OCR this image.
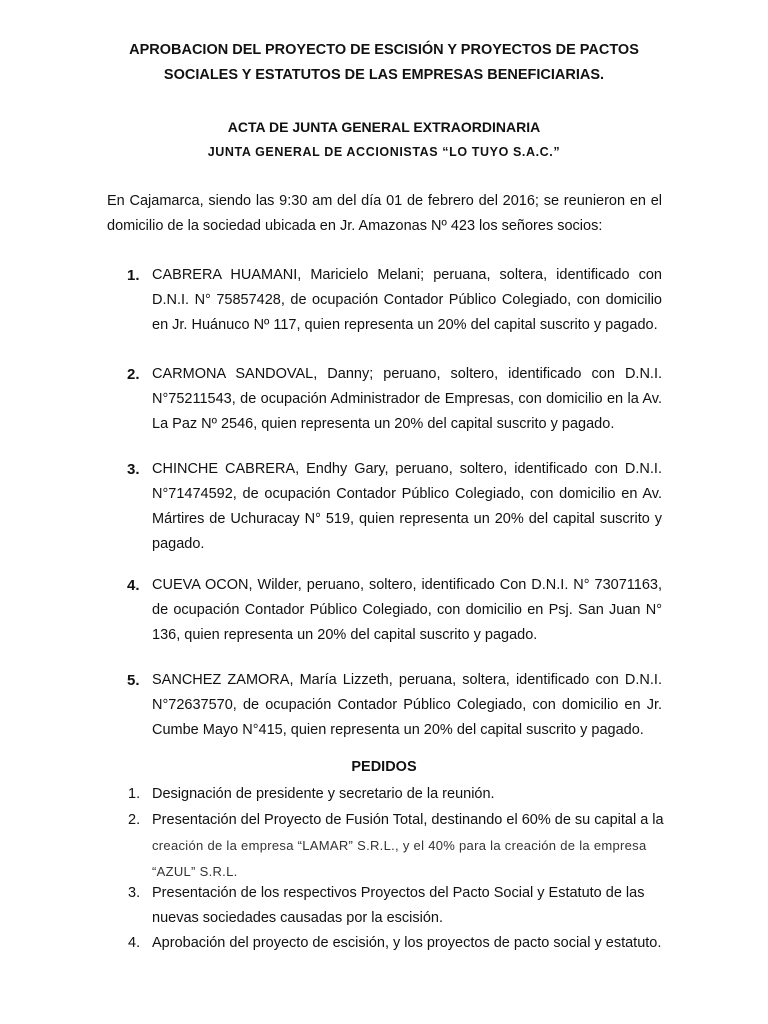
APROBACION DEL PROYECTO DE ESCISIÓN Y PROYECTOS DE PACTOS
SOCIALES Y ESTATUTOS DE LAS EMPRESAS BENEFICIARIAS.
ACTA DE JUNTA GENERAL EXTRAORDINARIA
JUNTA GENERAL DE ACCIONISTAS “LO TUYO S.A.C.”
En Cajamarca, siendo las 9:30 am del día 01 de febrero del 2016; se reunieron en el domicilio de la sociedad ubicada en Jr. Amazonas Nº 423 los señores socios:
1. CABRERA HUAMANI, Maricielo Melani; peruana, soltera, identificado con D.N.I. N° 75857428, de ocupación Contador Público Colegiado, con domicilio en Jr. Huánuco Nº 117, quien representa un 20% del capital suscrito y pagado.
2. CARMONA SANDOVAL, Danny; peruano, soltero, identificado con D.N.I. N°75211543, de ocupación Administrador de Empresas, con domicilio en la Av. La Paz Nº 2546, quien representa un 20% del capital suscrito y pagado.
3. CHINCHE CABRERA, Endhy Gary, peruano, soltero, identificado con D.N.I. N°71474592, de ocupación Contador Público Colegiado, con domicilio en Av. Mártires de Uchuracay N° 519, quien representa un 20% del capital suscrito y pagado.
4. CUEVA OCON, Wilder, peruano, soltero, identificado Con D.N.I. N° 73071163, de ocupación Contador Público Colegiado, con domicilio en Psj. San Juan N° 136, quien representa un 20% del capital suscrito y pagado.
5. SANCHEZ ZAMORA, María Lizzeth, peruana, soltera, identificado con D.N.I. N°72637570, de ocupación Contador Público Colegiado, con domicilio en Jr. Cumbe Mayo N°415, quien representa un 20% del capital suscrito y pagado.
PEDIDOS
1. Designación de presidente y secretario de la reunión.
2. Presentación del Proyecto de Fusión Total, destinando el 60% de su capital a la
creación de la empresa “LAMAR” S.R.L., y el 40% para la creación de la empresa “AZUL” S.R.L.
3. Presentación de los respectivos Proyectos del Pacto Social y Estatuto de las nuevas sociedades causadas por la escisión.
4. Aprobación del proyecto de escisión, y los proyectos de pacto social y estatuto.
